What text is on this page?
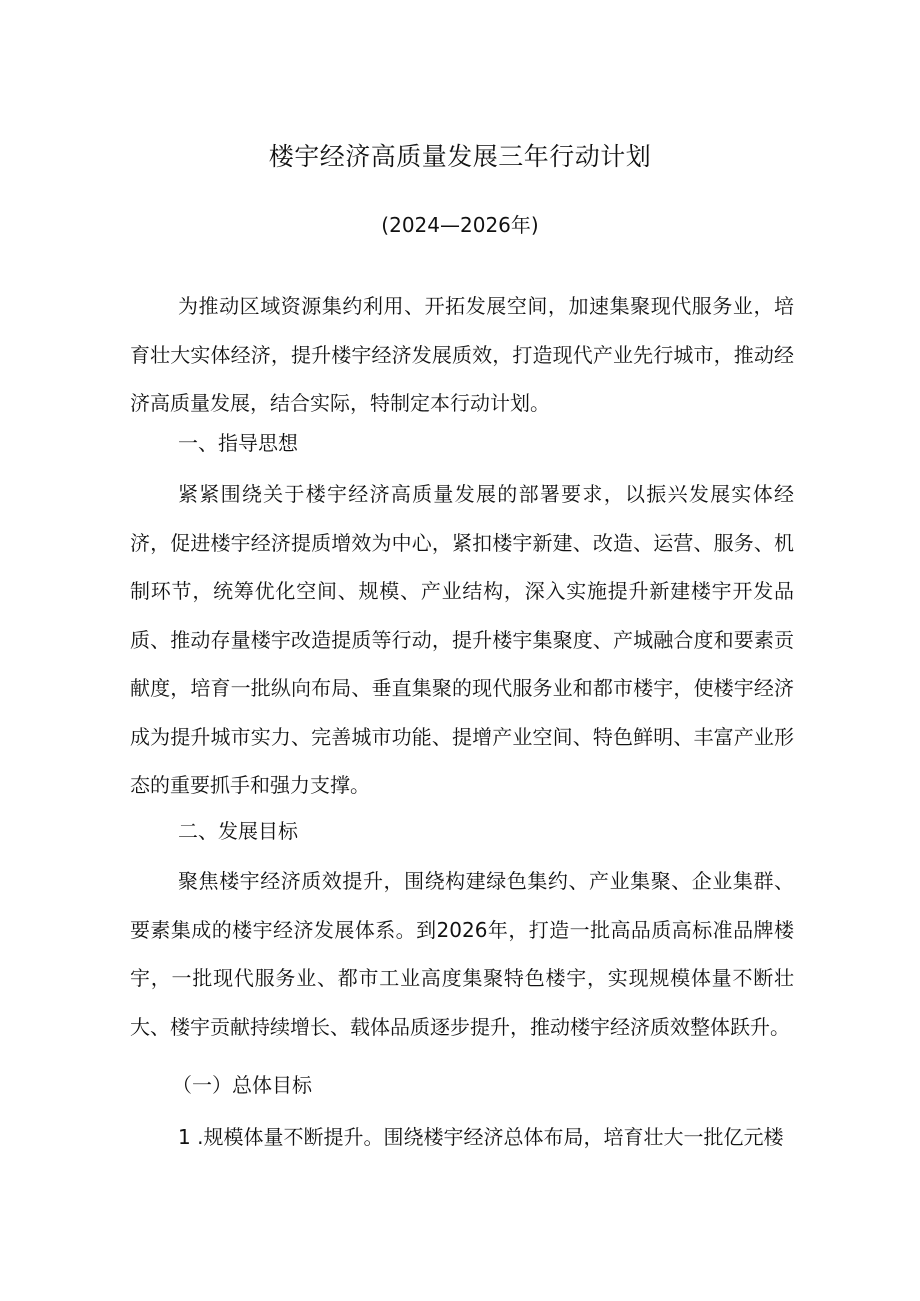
楼宇经济高质量发展三年行动计划

(2024—2026年)

为推动区域资源集约利用、开拓发展空间，加速集聚现代服务业，培育壮大实体经济，提升楼宇经济发展质效，打造现代产业先行城市，推动经济高质量发展，结合实际，特制定本行动计划。

一、指导思想

紧紧围绕关于楼宇经济高质量发展的部署要求，以振兴发展实体经济，促进楼宇经济提质增效为中心，紧扣楼宇新建、改造、运营、服务、机制环节，统筹优化空间、规模、产业结构，深入实施提升新建楼宇开发品质、推动存量楼宇改造提质等行动，提升楼宇集聚度、产城融合度和要素贡献度，培育一批纵向布局、垂直集聚的现代服务业和都市楼宇，使楼宇经济成为提升城市实力、完善城市功能、提增产业空间、特色鲜明、丰富产业形态的重要抓手和强力支撑。

二、发展目标

聚焦楼宇经济质效提升，围绕构建绿色集约、产业集聚、企业集群、要素集成的楼宇经济发展体系。到2026年，打造一批高品质高标准品牌楼宇，一批现代服务业、都市工业高度集聚特色楼宇，实现规模体量不断壮大、楼宇贡献持续增长、载体品质逐步提升，推动楼宇经济质效整体跃升。

（一）总体目标

1 .规模体量不断提升。围绕楼宇经济总体布局，培育壮大一批亿元楼
